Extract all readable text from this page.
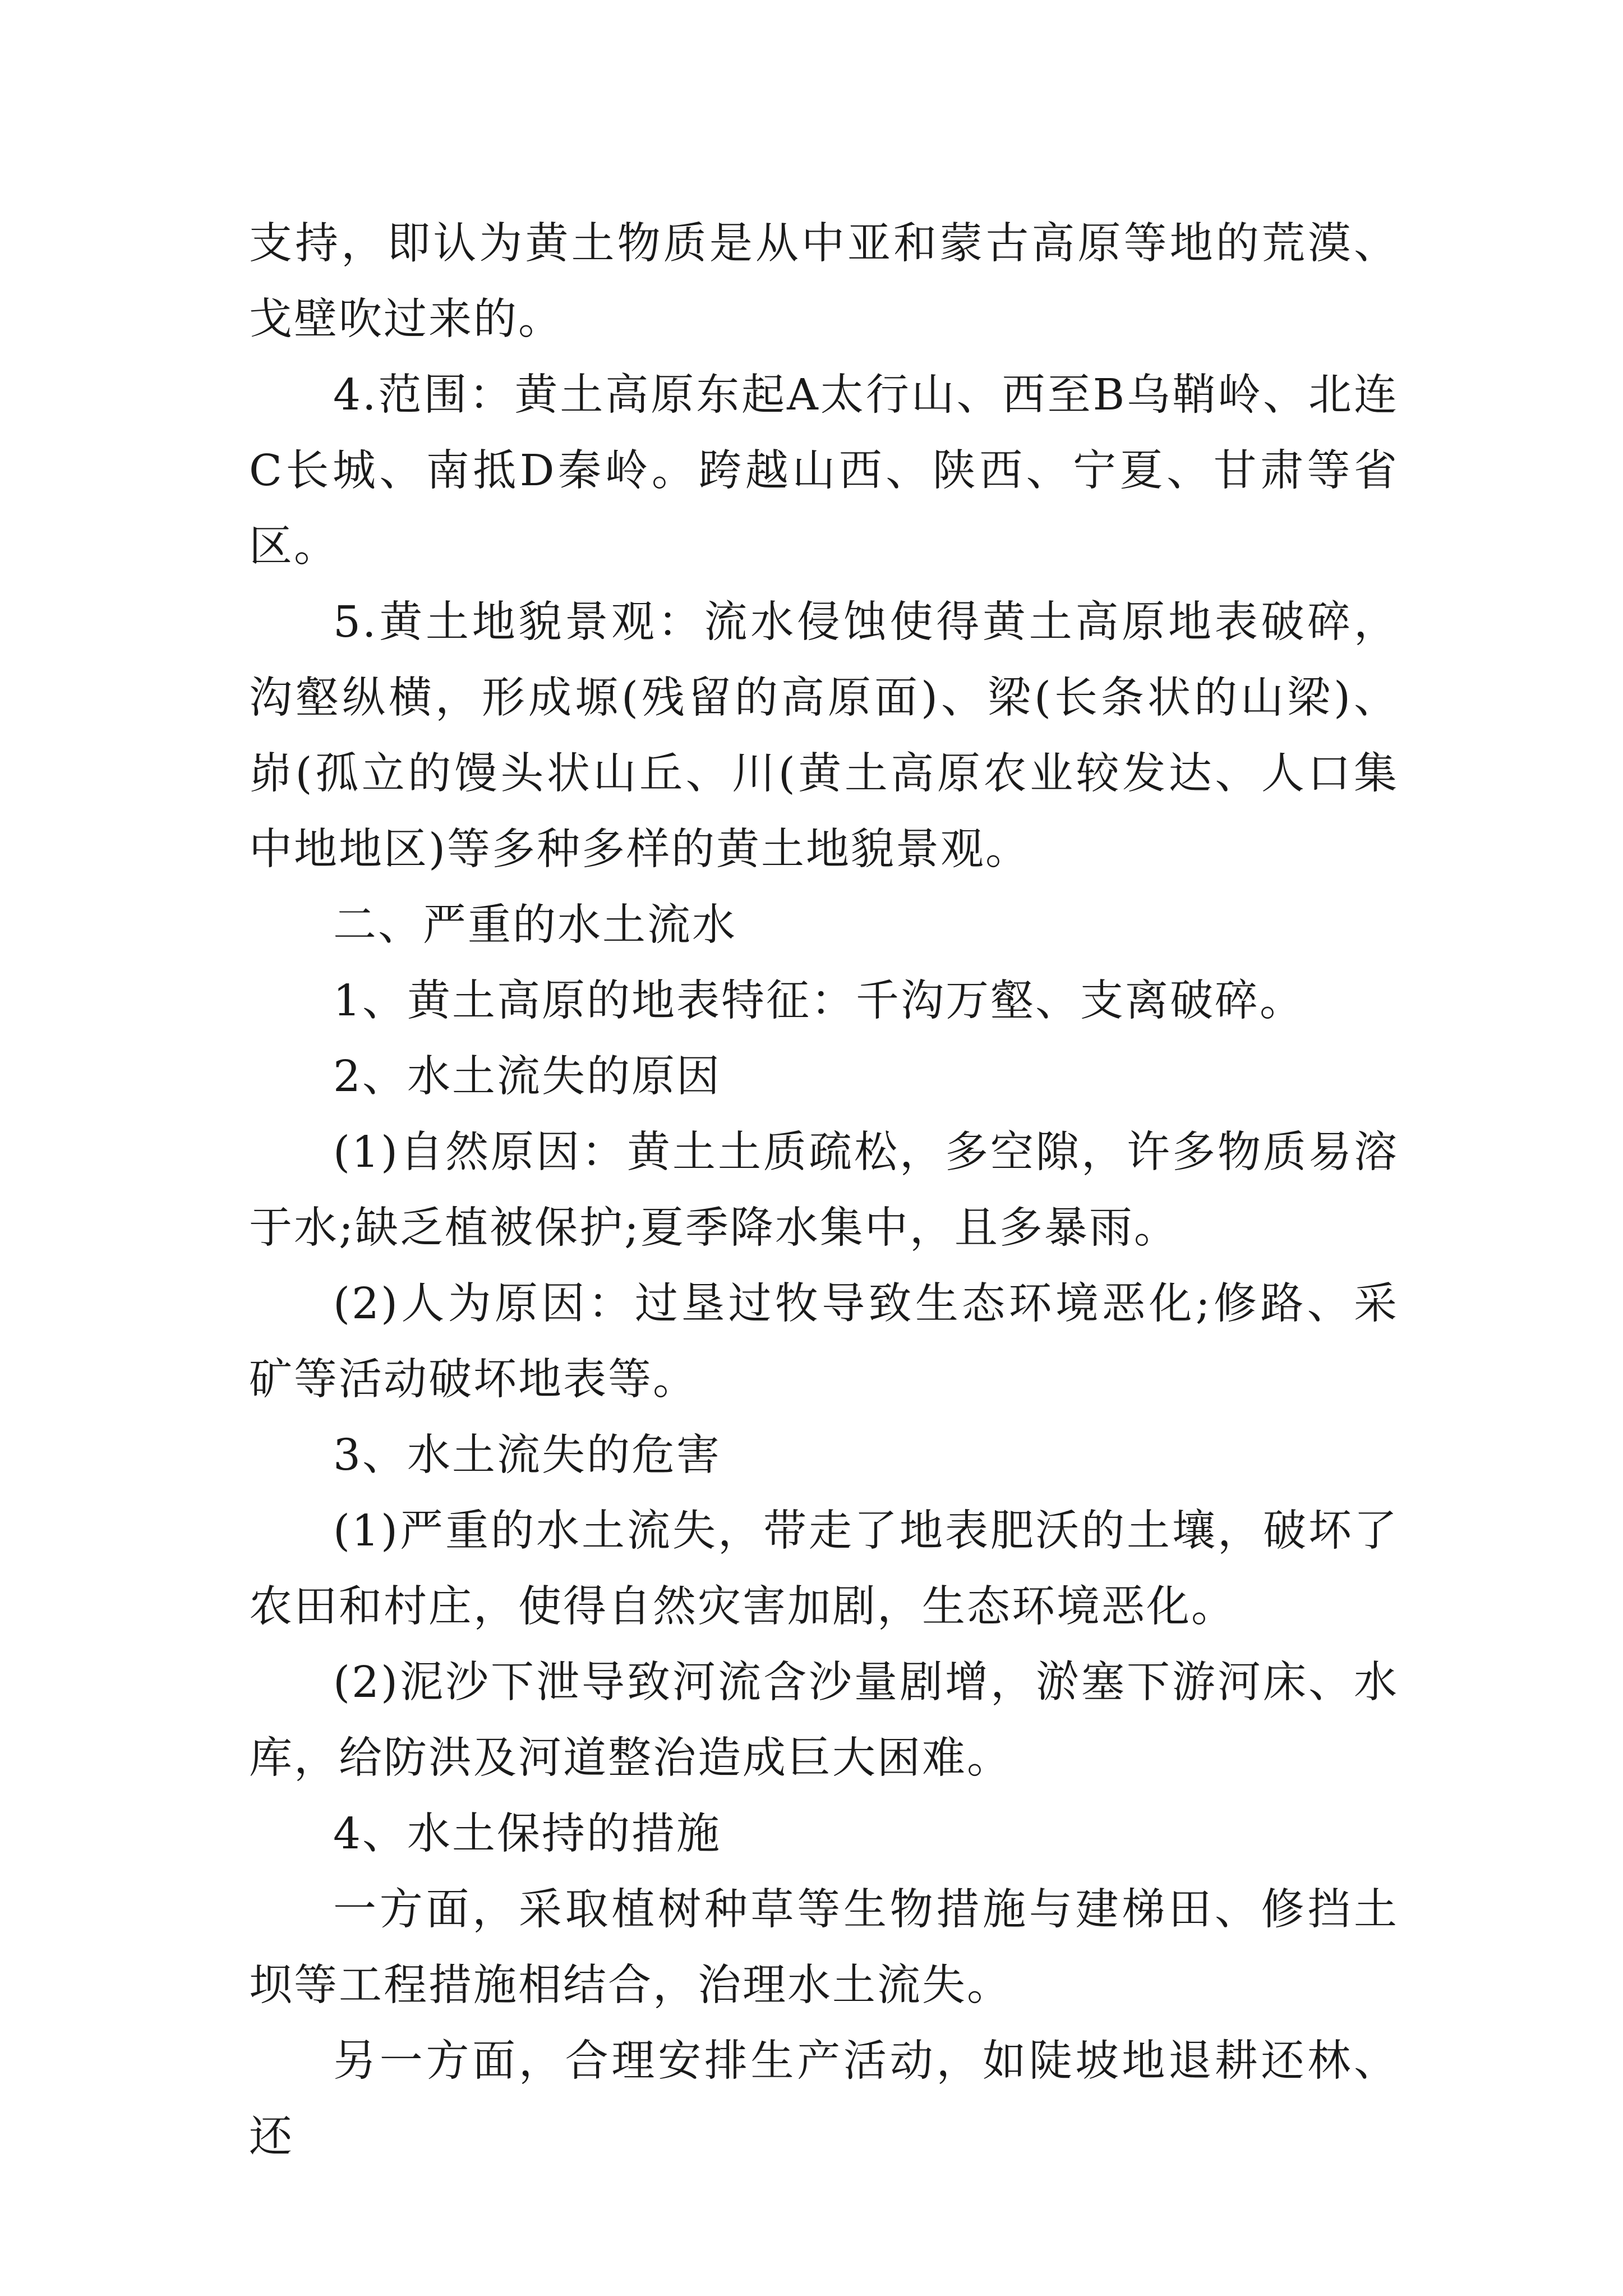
支持，即认为黄土物质是从中亚和蒙古高原等地的荒漠、戈壁吹过来的。

4.范围：黄土高原东起A太行山、西至B乌鞘岭、北连C长城、南抵D秦岭。跨越山西、陕西、宁夏、甘肃等省区。

5.黄土地貌景观：流水侵蚀使得黄土高原地表破碎，沟壑纵横，形成塬(残留的高原面)、梁(长条状的山梁)、峁(孤立的馒头状山丘、川(黄土高原农业较发达、人口集中地地区)等多种多样的黄土地貌景观。

二、严重的水土流水

1、黄土高原的地表特征：千沟万壑、支离破碎。

2、水土流失的原因

(1)自然原因：黄土土质疏松，多空隙，许多物质易溶于水;缺乏植被保护;夏季降水集中，且多暴雨。

(2)人为原因：过垦过牧导致生态环境恶化;修路、采矿等活动破坏地表等。

3、水土流失的危害

(1)严重的水土流失，带走了地表肥沃的土壤，破坏了农田和村庄，使得自然灾害加剧，生态环境恶化。

(2)泥沙下泄导致河流含沙量剧增，淤塞下游河床、水库，给防洪及河道整治造成巨大困难。

4、水土保持的措施

一方面，采取植树种草等生物措施与建梯田、修挡土坝等工程措施相结合，治理水土流失。

另一方面，合理安排生产活动，如陡坡地退耕还林、还
